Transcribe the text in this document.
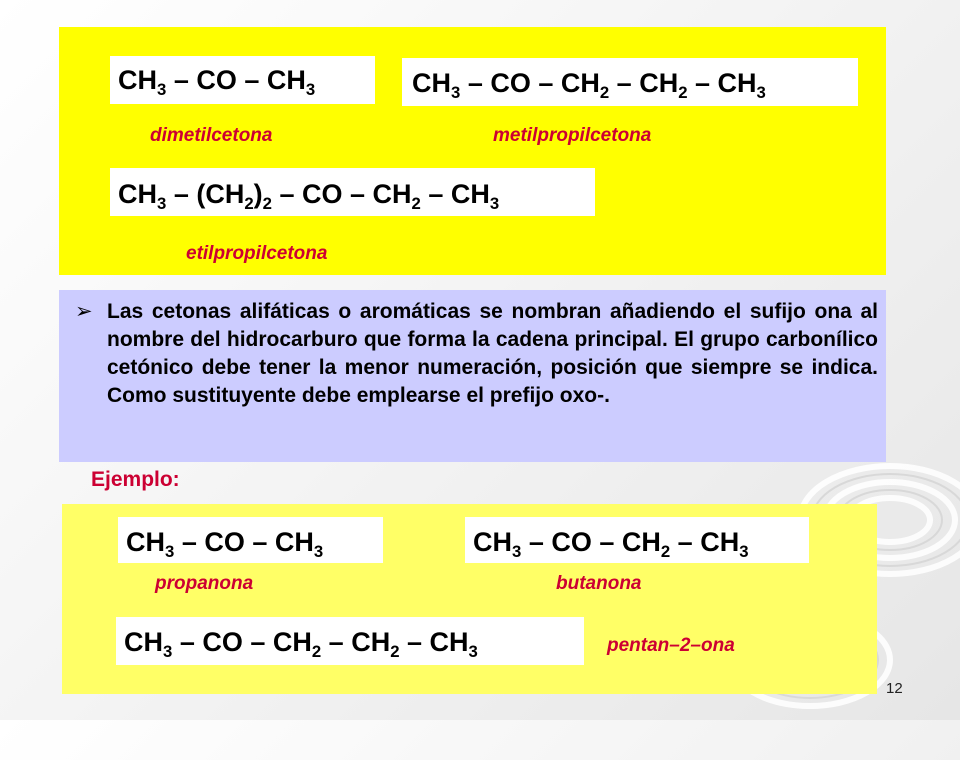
$CH_3$ – CO – $CH_3$
dimetilcetona
$CH_3$ – CO – $CH_2 - CH_2 - CH_3$
metilpropilcetona
$CH_3 - (CH_2)_2$ – CO – $CH_2 - CH_3$
etilpropilcetona
➢ Las cetonas alifáticas o aromáticas se nombran añadiendo el sufijo ona al nombre del hidrocarburo que forma la cadena principal. El grupo carbonílico cetónico debe tener la menor numeración, posición que siempre se indica. Como sustituyente debe emplearse el prefijo oxo-.

Ejemplo:
$CH_3$ – CO – $CH_3$
propanona
$CH_3$ – CO – $CH_2 - CH_3$
butanona
$CH_3$ – CO – $CH_2 - CH_2 - CH_3$	pentan–2–ona
12
